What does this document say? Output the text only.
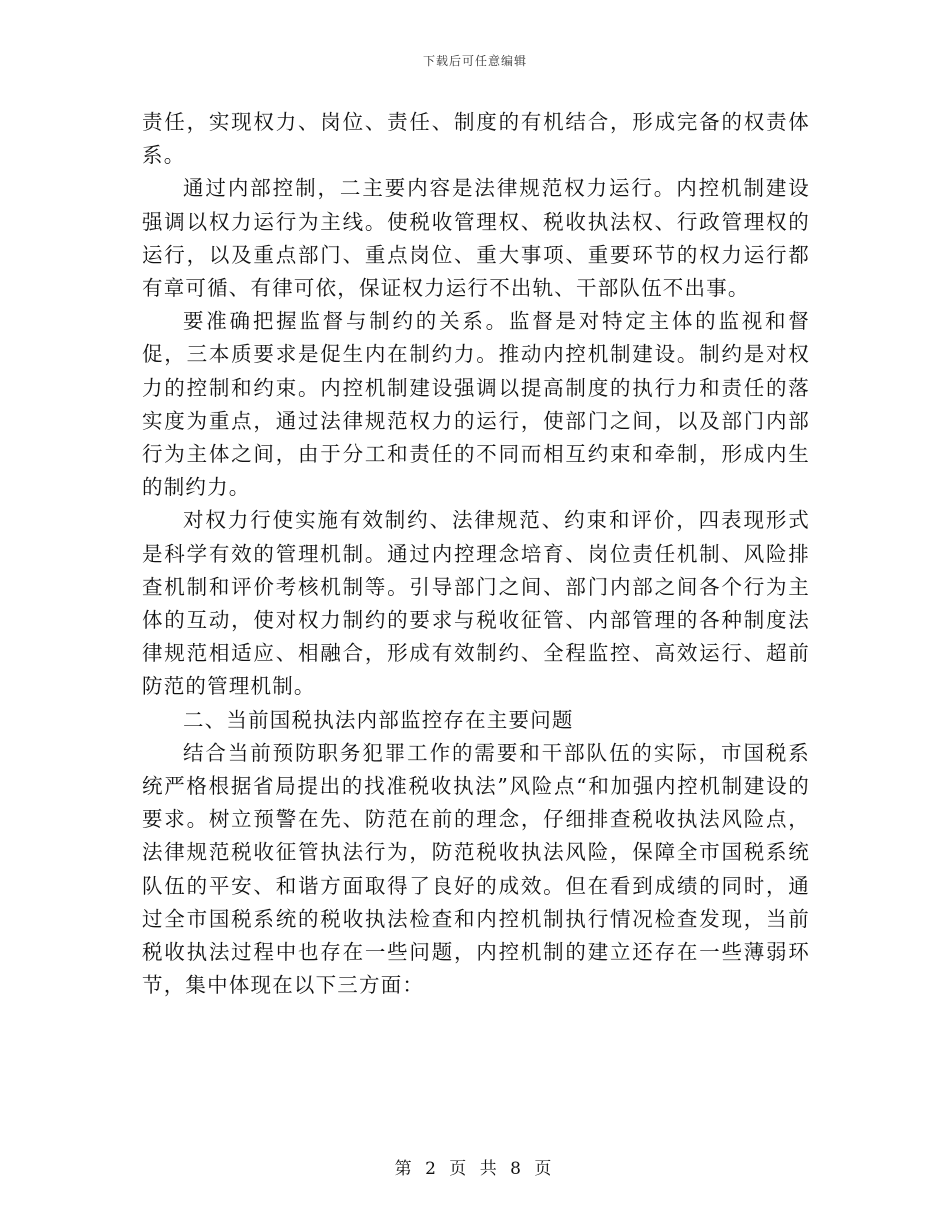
下载后可任意编辑

责任，实现权力、岗位、责任、制度的有机结合，形成完备的权责体系。

通过内部控制，二主要内容是法律规范权力运行。内控机制建设强调以权力运行为主线。使税收管理权、税收执法权、行政管理权的运行，以及重点部门、重点岗位、重大事项、重要环节的权力运行都有章可循、有律可依，保证权力运行不出轨、干部队伍不出事。

要准确把握监督与制约的关系。监督是对特定主体的监视和督促，三本质要求是促生内在制约力。推动内控机制建设。制约是对权力的控制和约束。内控机制建设强调以提高制度的执行力和责任的落实度为重点，通过法律规范权力的运行，使部门之间，以及部门内部行为主体之间，由于分工和责任的不同而相互约束和牵制，形成内生的制约力。

对权力行使实施有效制约、法律规范、约束和评价，四表现形式是科学有效的管理机制。通过内控理念培育、岗位责任机制、风险排查机制和评价考核机制等。引导部门之间、部门内部之间各个行为主体的互动，使对权力制约的要求与税收征管、内部管理的各种制度法律规范相适应、相融合，形成有效制约、全程监控、高效运行、超前防范的管理机制。

二、当前国税执法内部监控存在主要问题

结合当前预防职务犯罪工作的需要和干部队伍的实际，市国税系统严格根据省局提出的找准税收执法”风险点“和加强内控机制建设的要求。树立预警在先、防范在前的理念，仔细排查税收执法风险点，法律规范税收征管执法行为，防范税收执法风险，保障全市国税系统队伍的平安、和谐方面取得了良好的成效。但在看到成绩的同时，通过全市国税系统的税收执法检查和内控机制执行情况检查发现，当前税收执法过程中也存在一些问题，内控机制的建立还存在一些薄弱环节，集中体现在以下三方面：

第 2 页 共 8 页
